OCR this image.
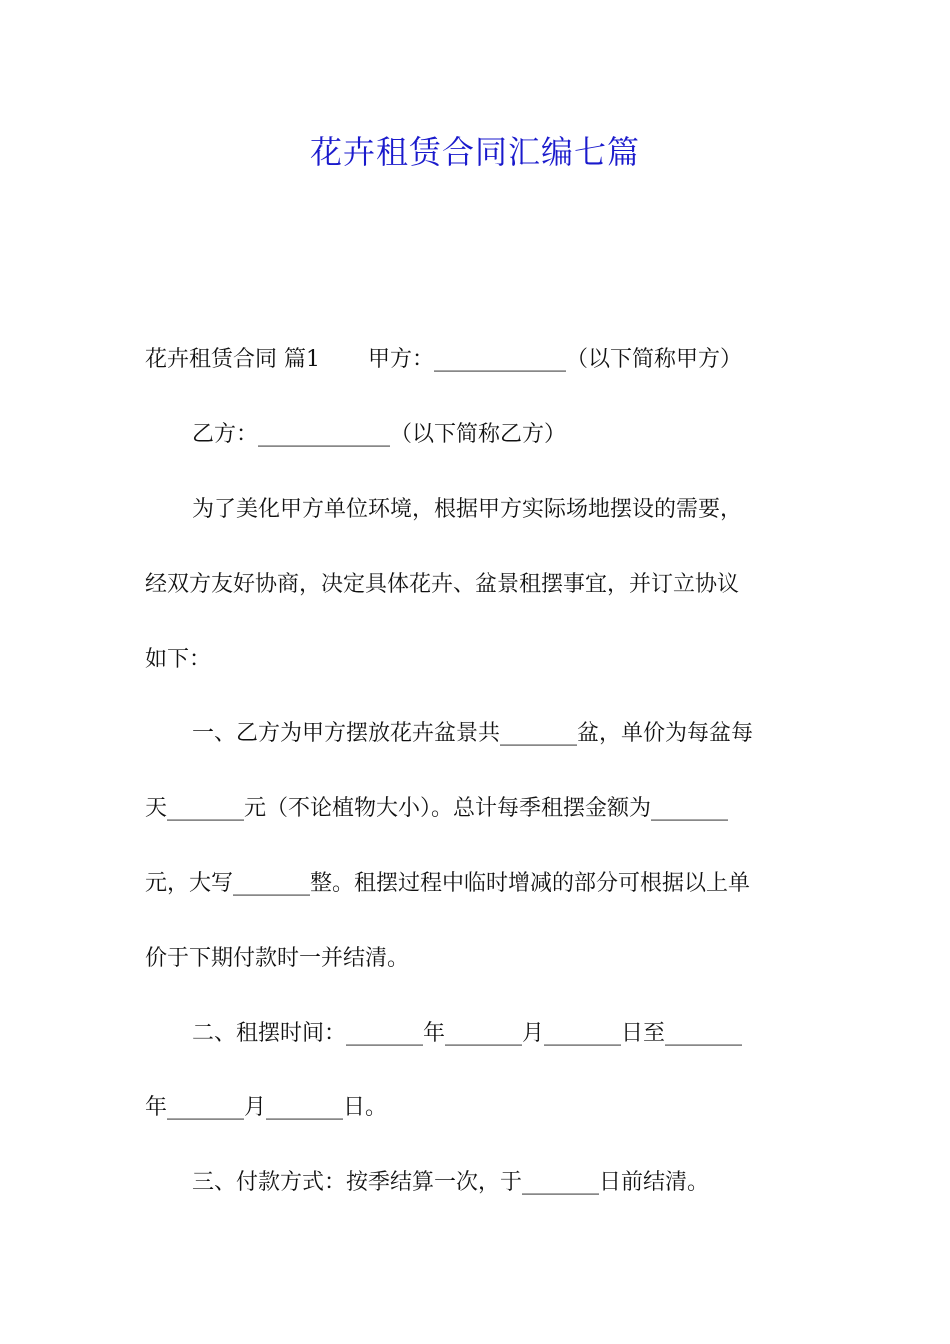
花卉租赁合同汇编七篇
花卉租赁合同 篇1 甲方：____________（以下简称甲方）
乙方：____________（以下简称乙方）
为了美化甲方单位环境，根据甲方实际场地摆设的需要，
经双方友好协商，决定具体花卉、盆景租摆事宜，并订立协议
如下：
一、乙方为甲方摆放花卉盆景共_______盆，单价为每盆每
天_______元（不论植物大小）。总计每季租摆金额为_______
元，大写_______整。租摆过程中临时增减的部分可根据以上单
价于下期付款时一并结清。
二、租摆时间：_______年_______月_______日至_______
年_______月_______日。
三、付款方式：按季结算一次，于_______日前结清。
